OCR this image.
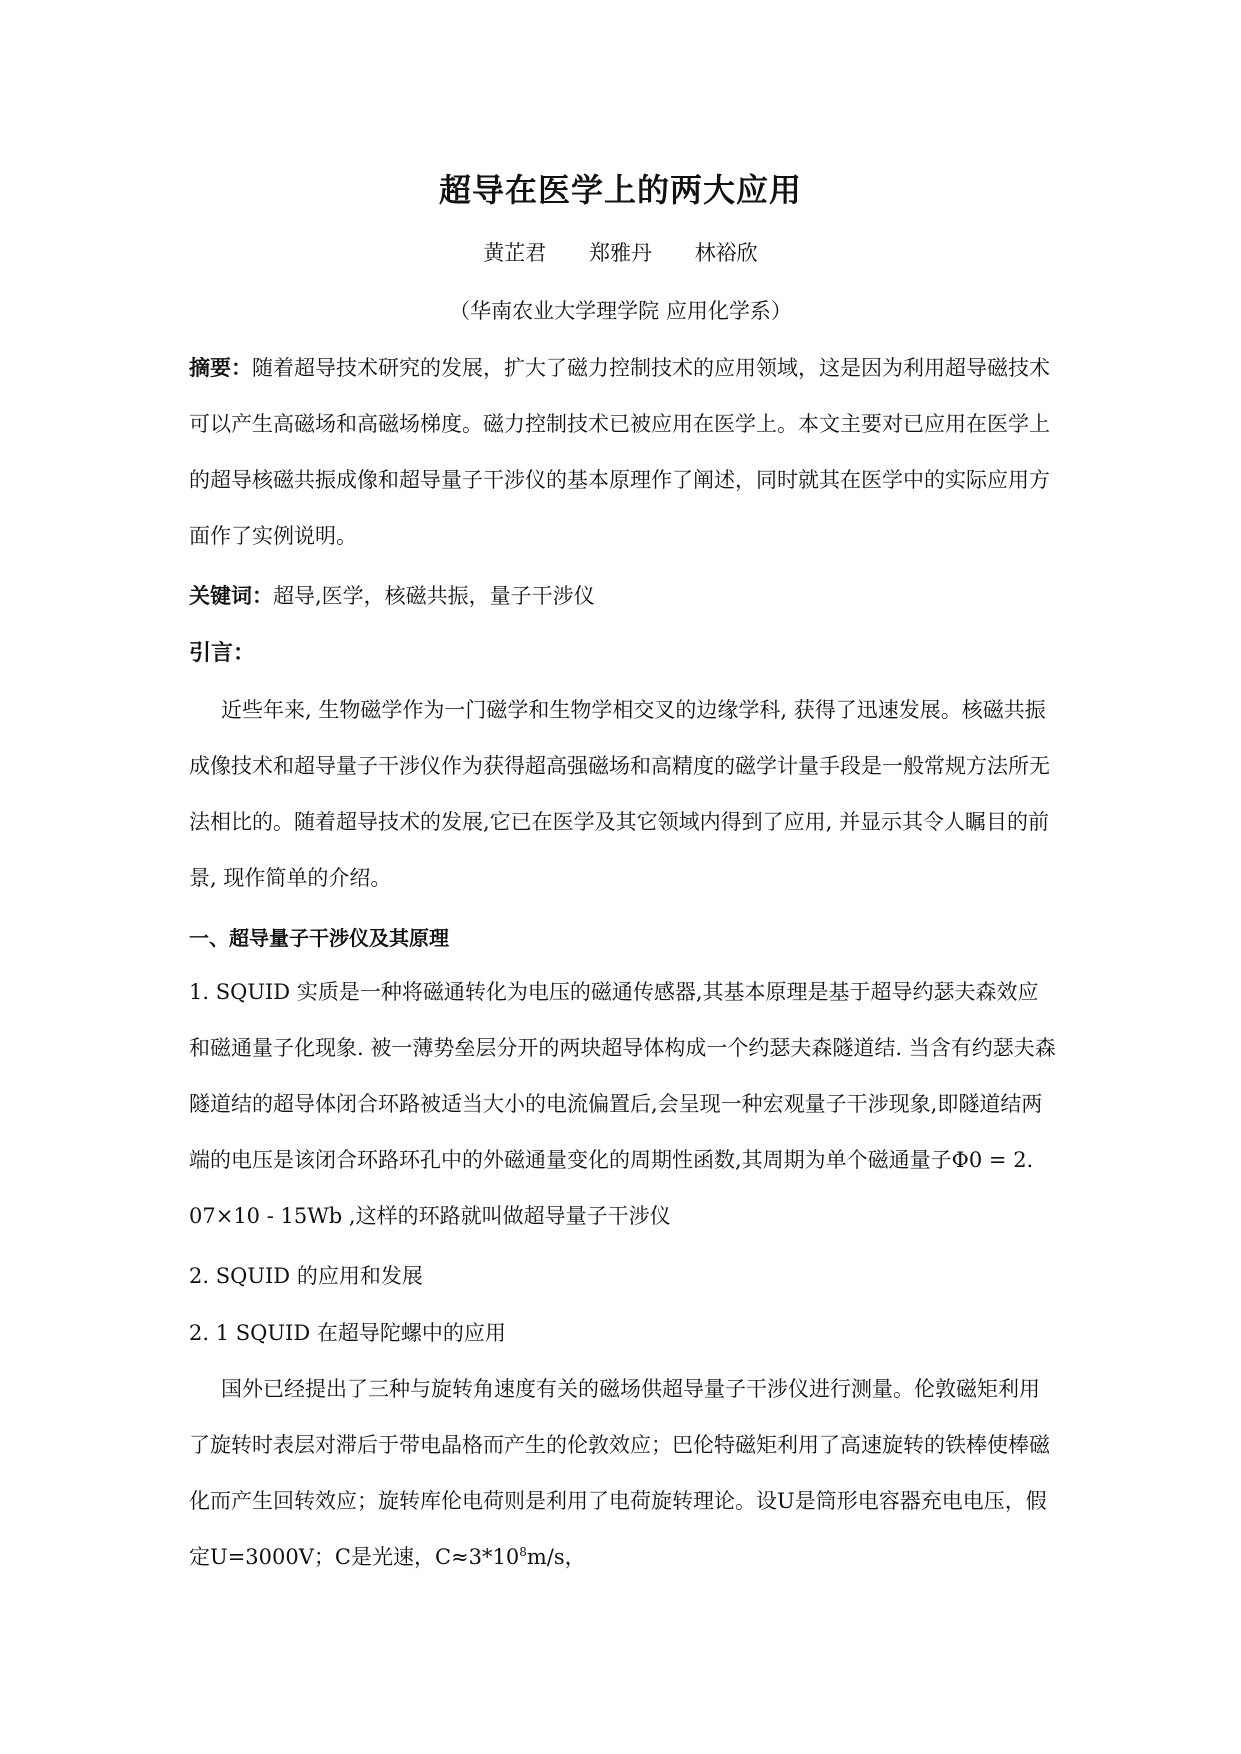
超导在医学上的两大应用
黄芷君 郑雅丹 林裕欣
（华南农业大学理学院 应用化学系）
摘要：随着超导技术研究的发展，扩大了磁力控制技术的应用领域，这是因为利用超导磁技术可以产生高磁场和高磁场梯度。磁力控制技术已被应用在医学上。本文主要对已应用在医学上的超导核磁共振成像和超导量子干涉仪的基本原理作了阐述，同时就其在医学中的实际应用方面作了实例说明。
关键词：超导,医学，核磁共振，量子干涉仪
引言：
近些年来, 生物磁学作为一门磁学和生物学相交叉的边缘学科, 获得了迅速发展。核磁共振成像技术和超导量子干涉仪作为获得超高强磁场和高精度的磁学计量手段是一般常规方法所无法相比的。随着超导技术的发展,它已在医学及其它领域内得到了应用, 并显示其令人瞩目的前景, 现作简单的介绍。
一、超导量子干涉仪及其原理
1. SQUID 实质是一种将磁通转化为电压的磁通传感器,其基本原理是基于超导约瑟夫森效应和磁通量子化现象. 被一薄势垒层分开的两块超导体构成一个约瑟夫森隧道结. 当含有约瑟夫森隧道结的超导体闭合环路被适当大小的电流偏置后,会呈现一种宏观量子干涉现象,即隧道结两端的电压是该闭合环路环孔中的外磁通量变化的周期性函数,其周期为单个磁通量子Φ0 = 2. 07×10 - 15Wb ,这样的环路就叫做超导量子干涉仪
2. SQUID 的应用和发展
2. 1 SQUID 在超导陀螺中的应用
国外已经提出了三种与旋转角速度有关的磁场供超导量子干涉仪进行测量。伦敦磁矩利用了旋转时表层对滞后于带电晶格而产生的伦敦效应；巴伦特磁矩利用了高速旋转的铁棒使棒磁化而产生回转效应；旋转库伦电荷则是利用了电荷旋转理论。设U是筒形电容器充电电压，假定U=3000V；C是光速，$C\approx 3*10^8m/s$，
